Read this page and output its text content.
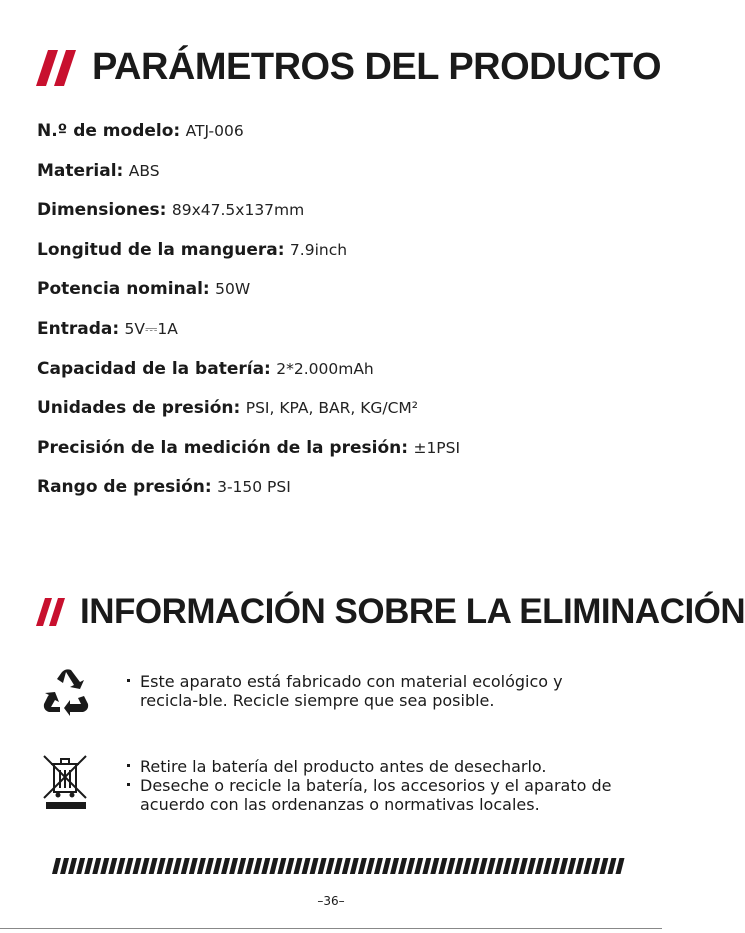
PARÁMETROS DEL PRODUCTO
N.º de modelo: ATJ-006
Material: ABS
Dimensiones: 89x47.5x137mm
Longitud de la manguera: 7.9inch
Potencia nominal: 50W
Entrada: 5V⎓1A
Capacidad de la batería: 2*2.000mAh
Unidades de presión: PSI, KPA, BAR, KG/CM²
Precisión de la medición de la presión: ±1PSI
Rango de presión: 3-150 PSI
INFORMACIÓN SOBRE LA ELIMINACIÓN
Este aparato está fabricado con material ecológico y recicla-ble. Recicle siempre que sea posible.
Retire la batería del producto antes de desecharlo.
Deseche o recicle la batería, los accesorios y el aparato de acuerdo con las ordenanzas o normativas locales.
–36–
